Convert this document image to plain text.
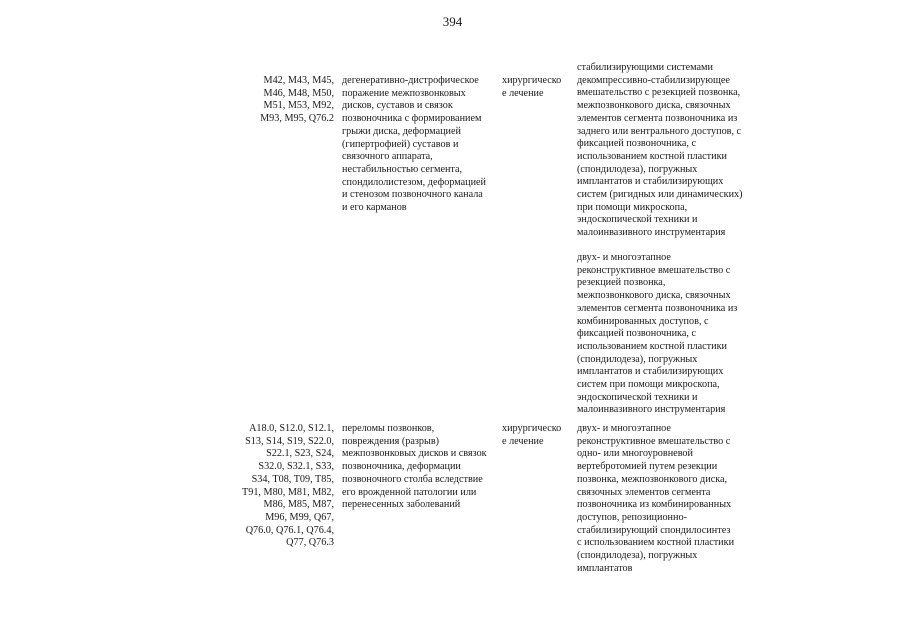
394
M42, M43, M45,
M46, M48, M50,
M51, M53, M92,
M93, M95, Q76.2
дегенеративно-дистрофическое
поражение межпозвонковых
дисков, суставов и связок
позвоночника с формированием
грыжи диска, деформацией
(гипертрофией) суставов и
связочного аппарата,
нестабильностью сегмента,
спондилолистезом, деформацией
и стенозом позвоночного канала
и его карманов
хирургическо
е лечение
стабилизирующими системами
декомпрессивно-стабилизирующее
вмешательство с резекцией позвонка,
межпозвонкового диска, связочных
элементов сегмента позвоночника из
заднего или вентрального доступов, с
фиксацией позвоночника, с
использованием костной пластики
(спондилодеза), погружных
имплантатов и стабилизирующих
систем (ригидных или динамических)
при помощи микроскопа,
эндоскопической техники и
малоинвазивного инструментария
двух- и многоэтапное
реконструктивное вмешательство с
резекцией позвонка,
межпозвонкового диска, связочных
элементов сегмента позвоночника из
комбинированных доступов, с
фиксацией позвоночника, с
использованием костной пластики
(спондилодеза), погружных
имплантатов и стабилизирующих
систем при помощи микроскопа,
эндоскопической техники и
малоинвазивного инструментария
A18.0, S12.0, S12.1,
S13, S14, S19, S22.0,
S22.1, S23, S24,
S32.0, S32.1, S33,
S34, T08, T09, T85,
T91, M80, M81, M82,
M86, M85, M87,
M96, M99, Q67,
Q76.0, Q76.1, Q76.4,
Q77, Q76.3
переломы позвонков,
повреждения (разрыв)
межпозвонковых дисков и связок
позвоночника, деформации
позвоночного столба вследствие
его врожденной патологии или
перенесенных заболеваний
хирургическо
е лечение
двух- и многоэтапное
реконструктивное вмешательство с
одно- или многоуровневой
вертебротомией путем резекции
позвонка, межпозвонкового диска,
связочных элементов сегмента
позвоночника из комбинированных
доступов, репозиционно-
стабилизирующий спондилосинтез
с использованием костной пластики
(спондилодеза), погружных
имплантатов
